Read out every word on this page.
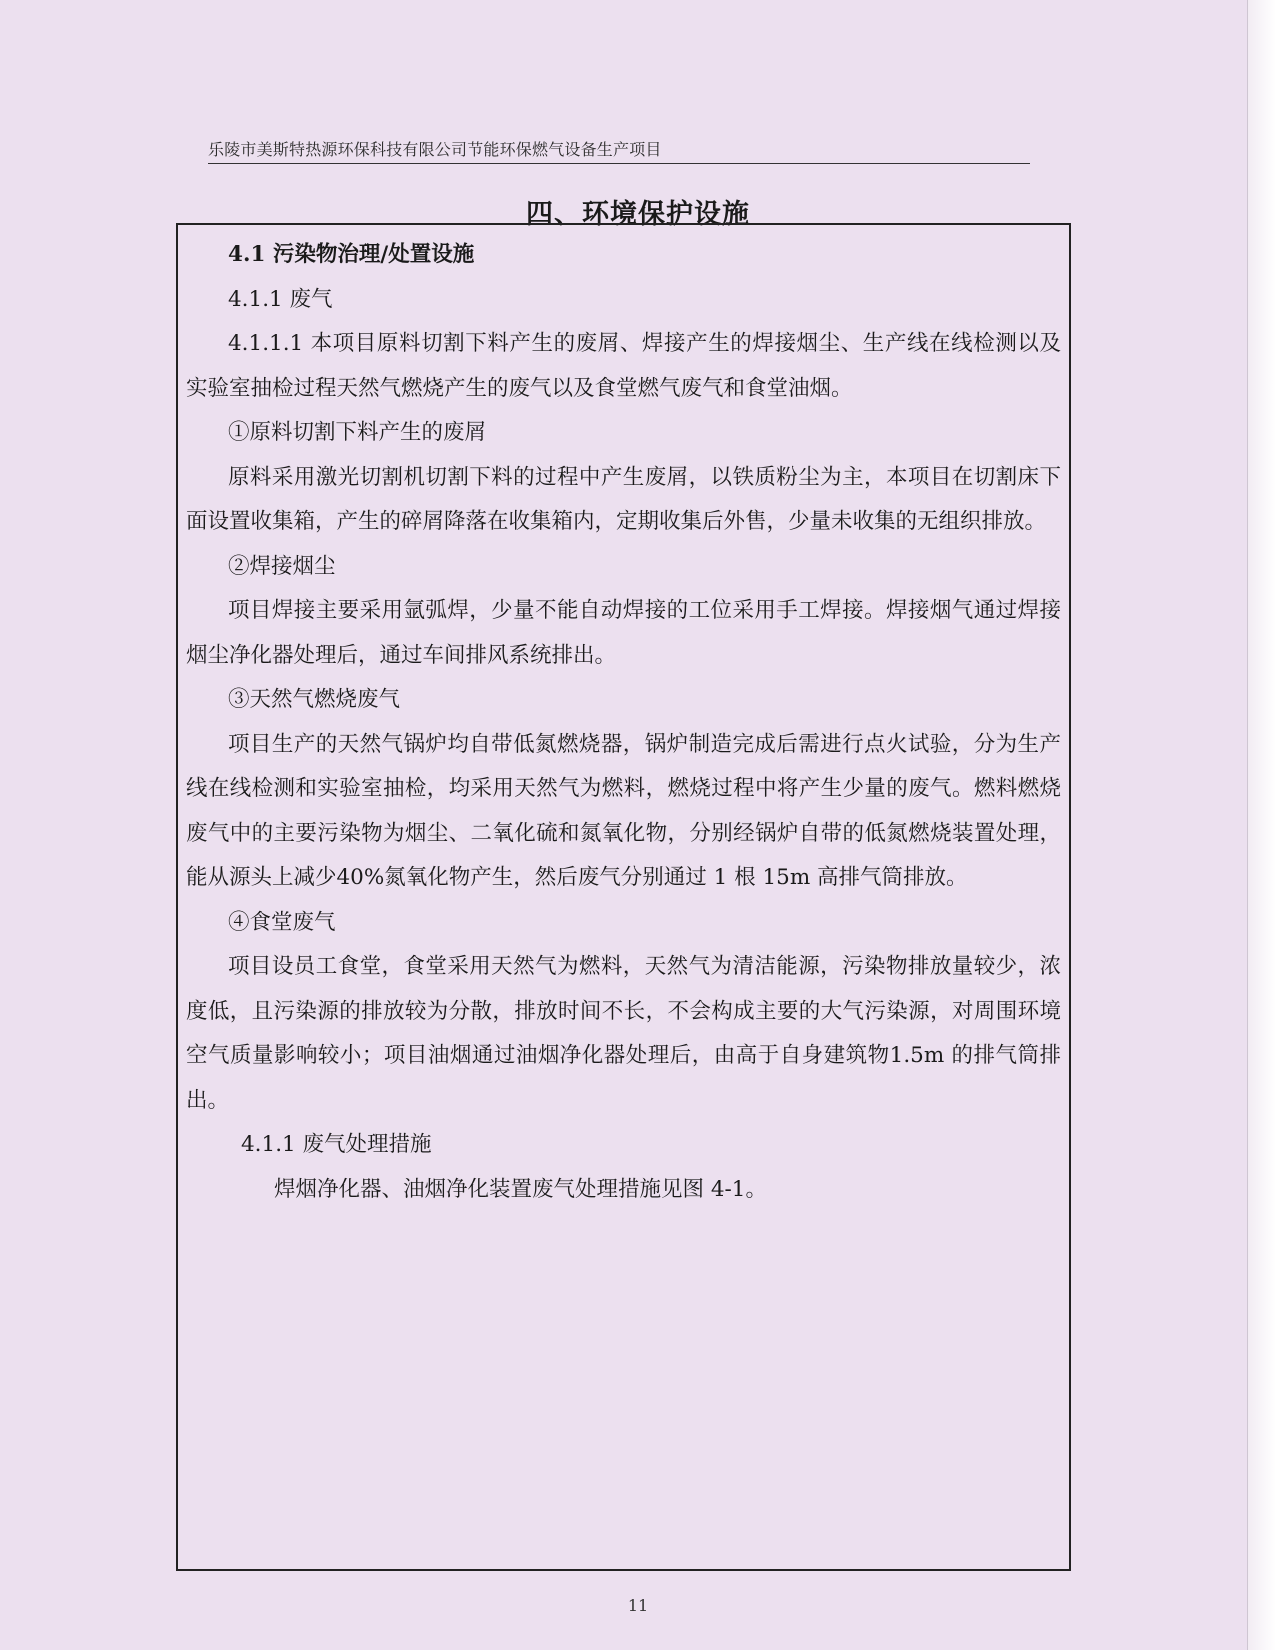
乐陵市美斯特热源环保科技有限公司节能环保燃气设备生产项目
四、环境保护设施

4.1 污染物治理/处置设施

4.1.1 废气

4.1.1.1 本项目原料切割下料产生的废屑、焊接产生的焊接烟尘、生产线在线检测以及实验室抽检过程天然气燃烧产生的废气以及食堂燃气废气和食堂油烟。

①原料切割下料产生的废屑

原料采用激光切割机切割下料的过程中产生废屑，以铁质粉尘为主，本项目在切割床下面设置收集箱，产生的碎屑降落在收集箱内，定期收集后外售，少量未收集的无组织排放。

②焊接烟尘

项目焊接主要采用氩弧焊，少量不能自动焊接的工位采用手工焊接。焊接烟气通过焊接烟尘净化器处理后，通过车间排风系统排出。

③天然气燃烧废气

项目生产的天然气锅炉均自带低氮燃烧器，锅炉制造完成后需进行点火试验，分为生产线在线检测和实验室抽检，均采用天然气为燃料，燃烧过程中将产生少量的废气。燃料燃烧废气中的主要污染物为烟尘、二氧化硫和氮氧化物，分别经锅炉自带的低氮燃烧装置处理，能从源头上减少40%氮氧化物产生，然后废气分别通过 1 根 15m 高排气筒排放。

④食堂废气

项目设员工食堂，食堂采用天然气为燃料，天然气为清洁能源，污染物排放量较少，浓度低，且污染源的排放较为分散，排放时间不长，不会构成主要的大气污染源，对周围环境空气质量影响较小；项目油烟通过油烟净化器处理后，由高于自身建筑物1.5m 的排气筒排出。

4.1.1 废气处理措施

焊烟净化器、油烟净化装置废气处理措施见图 4-1。

11
